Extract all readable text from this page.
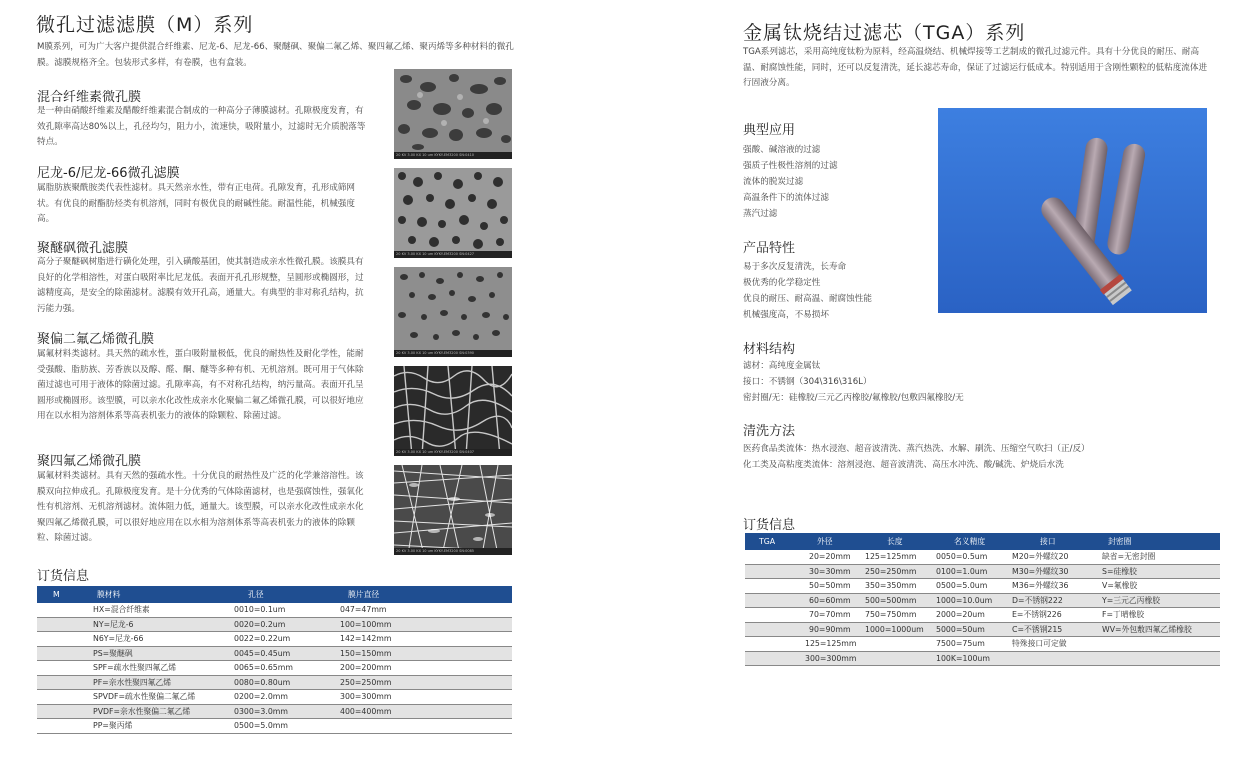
微孔过滤滤膜（M）系列

M膜系列，可为广大客户提供混合纤维素、尼龙-6、尼龙-66、聚醚砜、聚偏二氟乙烯、聚四氟乙烯、聚丙烯等多种材料的微孔膜。滤膜规格齐全。包装形式多样，有卷膜，也有盒装。

混合纤维素微孔膜

是一种由硝酸纤维素及醋酸纤维素混合制成的一种高分子薄膜滤材。孔隙极度发育，有效孔隙率高达80%以上，孔径均匀，阻力小，流速快，吸附量小，过滤时无介质脱落等特点。

20 KV 3.00 KX 10 um KYKY-EM3200 SN:0410
尼龙-6/尼龙-66微孔滤膜

属脂肪族聚酰胺类代表性滤材。具天然亲水性，带有正电荷。孔隙发育，孔形成筛网状。有优良的耐酯肪烃类有机溶剂，同时有极优良的耐碱性能。耐温性能，机械强度高。

20 KV 3.00 KX 10 um KYKY-EM3200 SN:0427
聚醚砜微孔滤膜

高分子聚醚砜树脂进行磺化处理，引入磺酸基团，使其制造成亲水性微孔膜。该膜具有良好的化学相溶性，对蛋白吸附率比尼龙低。表面开孔孔形规整，呈圆形或椭圆形，过滤精度高，是安全的除菌滤材。滤膜有效开孔高，通量大。有典型的非对称孔结构，抗污能力强。

20 KV 3.00 KX 10 um KYKY-EM3200 SN:0390
聚偏二氟乙烯微孔膜

属氟材料类滤材。具天然的疏水性，蛋白吸附量极低，优良的耐热性及耐化学性，能耐受强酸、脂肪族、芳香族以及醇、醛、酮、醚等多种有机、无机溶剂。既可用于气体除菌过滤也可用于液体的除菌过滤。孔隙率高，有不对称孔结构，纳污量高。表面开孔呈圆形或椭圆形。该型膜，可以亲水化改性成亲水化聚偏二氟乙烯微孔膜，可以很好地应用在以水相为溶剂体系等高表机张力的液体的除颗粒、除菌过滤。

20 KV 3.00 KX 10 um KYKY-EM3200 SN:0407
聚四氟乙烯微孔膜

属氟材料类滤材。具有天然的强疏水性。十分优良的耐热性及广泛的化学兼溶溶性。该膜双向拉伸成孔。孔隙极度发育。是十分优秀的气体除菌滤材，也是强腐蚀性，强氧化性有机溶剂、无机溶剂滤材。流体阻力低，通量大。该型膜，可以亲水化改性成亲水化聚四氟乙烯微孔膜，可以很好地应用在以水相为溶剂体系等高表机张力的液体的除颗粒、除菌过滤。

20 KV 3.00 KX 10 um KYKY-EM3200 SN:0085
订货信息
M	膜材料	孔径	膜片直径
	HX=混合纤维素	0010=0.1um	047=47mm
	NY=尼龙-6	0020=0.2um	100=100mm
	N6Y=尼龙-66	0022=0.22um	142=142mm
	PS=聚醚砜	0045=0.45um	150=150mm
	SPF=疏水性聚四氟乙烯	0065=0.65mm	200=200mm
	PF=亲水性聚四氟乙烯	0080=0.80um	250=250mm
	SPVDF=疏水性聚偏二氟乙烯	0200=2.0mm	300=300mm
	PVDF=亲水性聚偏二氟乙烯	0300=3.0mm	400=400mm
	PP=聚丙烯	0500=5.0mm	
金属钛烧结过滤芯（TGA）系列

TGA系列滤芯，采用高纯度钛粉为原料，经高温烧结、机械焊接等工艺制成的微孔过滤元件。具有十分优良的耐压、耐高温、耐腐蚀性能，同时，还可以反复清洗，延长滤芯寿命，保证了过滤运行低成本。特别适用于含刚性颗粒的低粘度流体进行固液分离。

典型应用

强酸、碱溶液的过滤

强质子性极性溶剂的过滤

流体的脱炭过滤

高温条件下的流体过滤

蒸汽过滤

产品特性

易于多次反复清洗，长寿命

极优秀的化学稳定性

优良的耐压、耐高温、耐腐蚀性能

机械强度高，不易损坏

材料结构

滤材：高纯度金属钛

接口：不锈钢（304\316\316L）

密封圈/无：硅橡胶/三元乙丙橡胶/氟橡胶/包敷四氟橡胶/无

清洗方法

医药食品类流体：热水浸泡、超音波清洗、蒸汽热洗、水解、刷洗、压缩空气吹扫（正/反）

化工类及高粘度类流体：溶剂浸泡、超音波清洗、高压水冲洗、酸/碱洗、炉烧后水洗

订货信息
TGA	外径	长度	名义精度	接口	封密圈
	20=20mm	125=125mm	0050=0.5um	M20=外螺纹20	缺省=无密封圈
	30=30mm	250=250mm	0100=1.0um	M30=外螺纹30	S=硅橡胶
	50=50mm	350=350mm	0500=5.0um	M36=外螺纹36	V=氟橡胶
	60=60mm	500=500mm	1000=10.0um	D=不锈钢222	Y=三元乙丙橡胶
	70=70mm	750=750mm	2000=20um	E=不锈钢226	F=丁晴橡胶
	90=90mm	1000=1000um	5000=50um	C=不锈钢215	WV=外包敷四氟乙烯橡胶
	125=125mm		7500=75um	特殊接口可定做	
	300=300mm		100K=100um		
